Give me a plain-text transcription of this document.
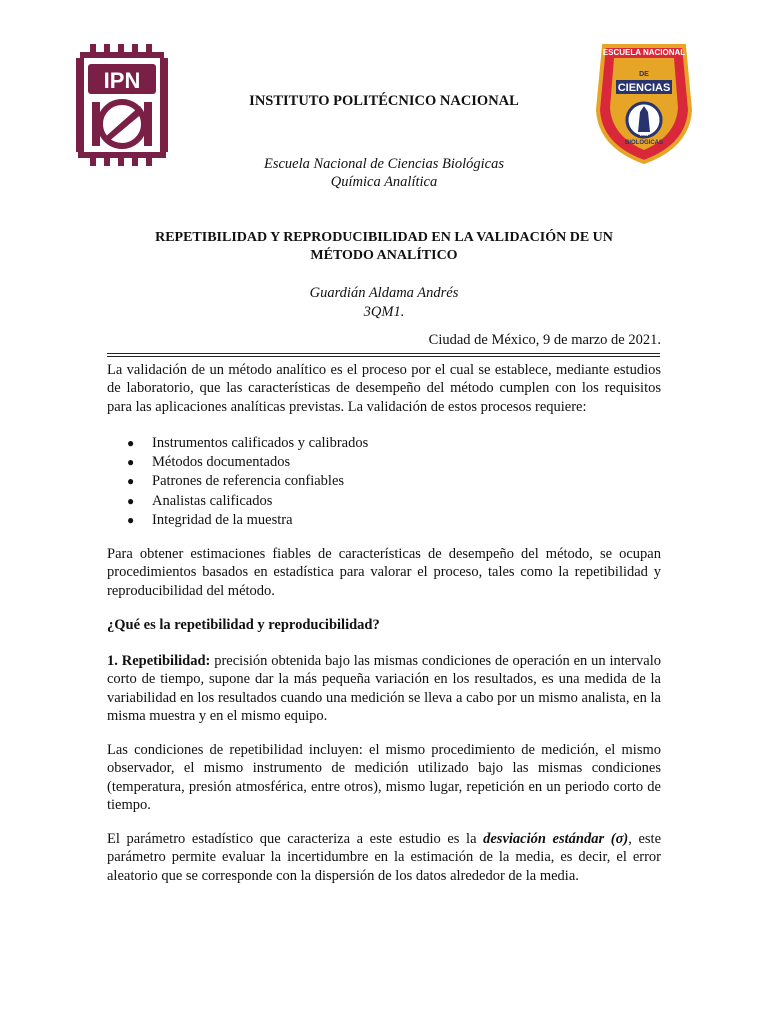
IPN
ESCUELA NACIONAL
DE
CIENCIAS
BIOLOGICAS
IPN
INSTITUTO POLITÉCNICO NACIONAL
Escuela Nacional de Ciencias Biológicas
Química Analítica
REPETIBILIDAD Y REPRODUCIBILIDAD EN LA VALIDACIÓN DE UN
MÉTODO ANALÍTICO
Guardián Aldama Andrés
3QM1.
Ciudad de México, 9 de marzo de 2021.

La validación de un método analítico es el proceso por el cual se establece, mediante estudios de laboratorio, que las características de desempeño del método cumplen con los requisitos para las aplicaciones analíticas previstas. La validación de estos procesos requiere:

●	Instrumentos calificados y calibrados
●	Métodos documentados
●	Patrones de referencia confiables
●	Analistas calificados
●	Integridad de la muestra

Para obtener estimaciones fiables de características de desempeño del método, se ocupan procedimientos basados en estadística para valorar el proceso, tales como la repetibilidad y reproducibilidad del método.

¿Qué es la repetibilidad y reproducibilidad?

1. Repetibilidad: precisión obtenida bajo las mismas condiciones de operación en un intervalo corto de tiempo, supone dar la más pequeña variación en los resultados, es una medida de la variabilidad en los resultados cuando una medición se lleva a cabo por un mismo analista, en la misma muestra y en el mismo equipo.

Las condiciones de repetibilidad incluyen: el mismo procedimiento de medición, el mismo observador, el mismo instrumento de medición utilizado bajo las mismas condiciones (temperatura, presión atmosférica, entre otros), mismo lugar, repetición en un periodo corto de tiempo.

El parámetro estadístico que caracteriza a este estudio es la desviación estándar (σ), este parámetro permite evaluar la incertidumbre en la estimación de la media, es decir, el error aleatorio que se corresponde con la dispersión de los datos alrededor de la media.
